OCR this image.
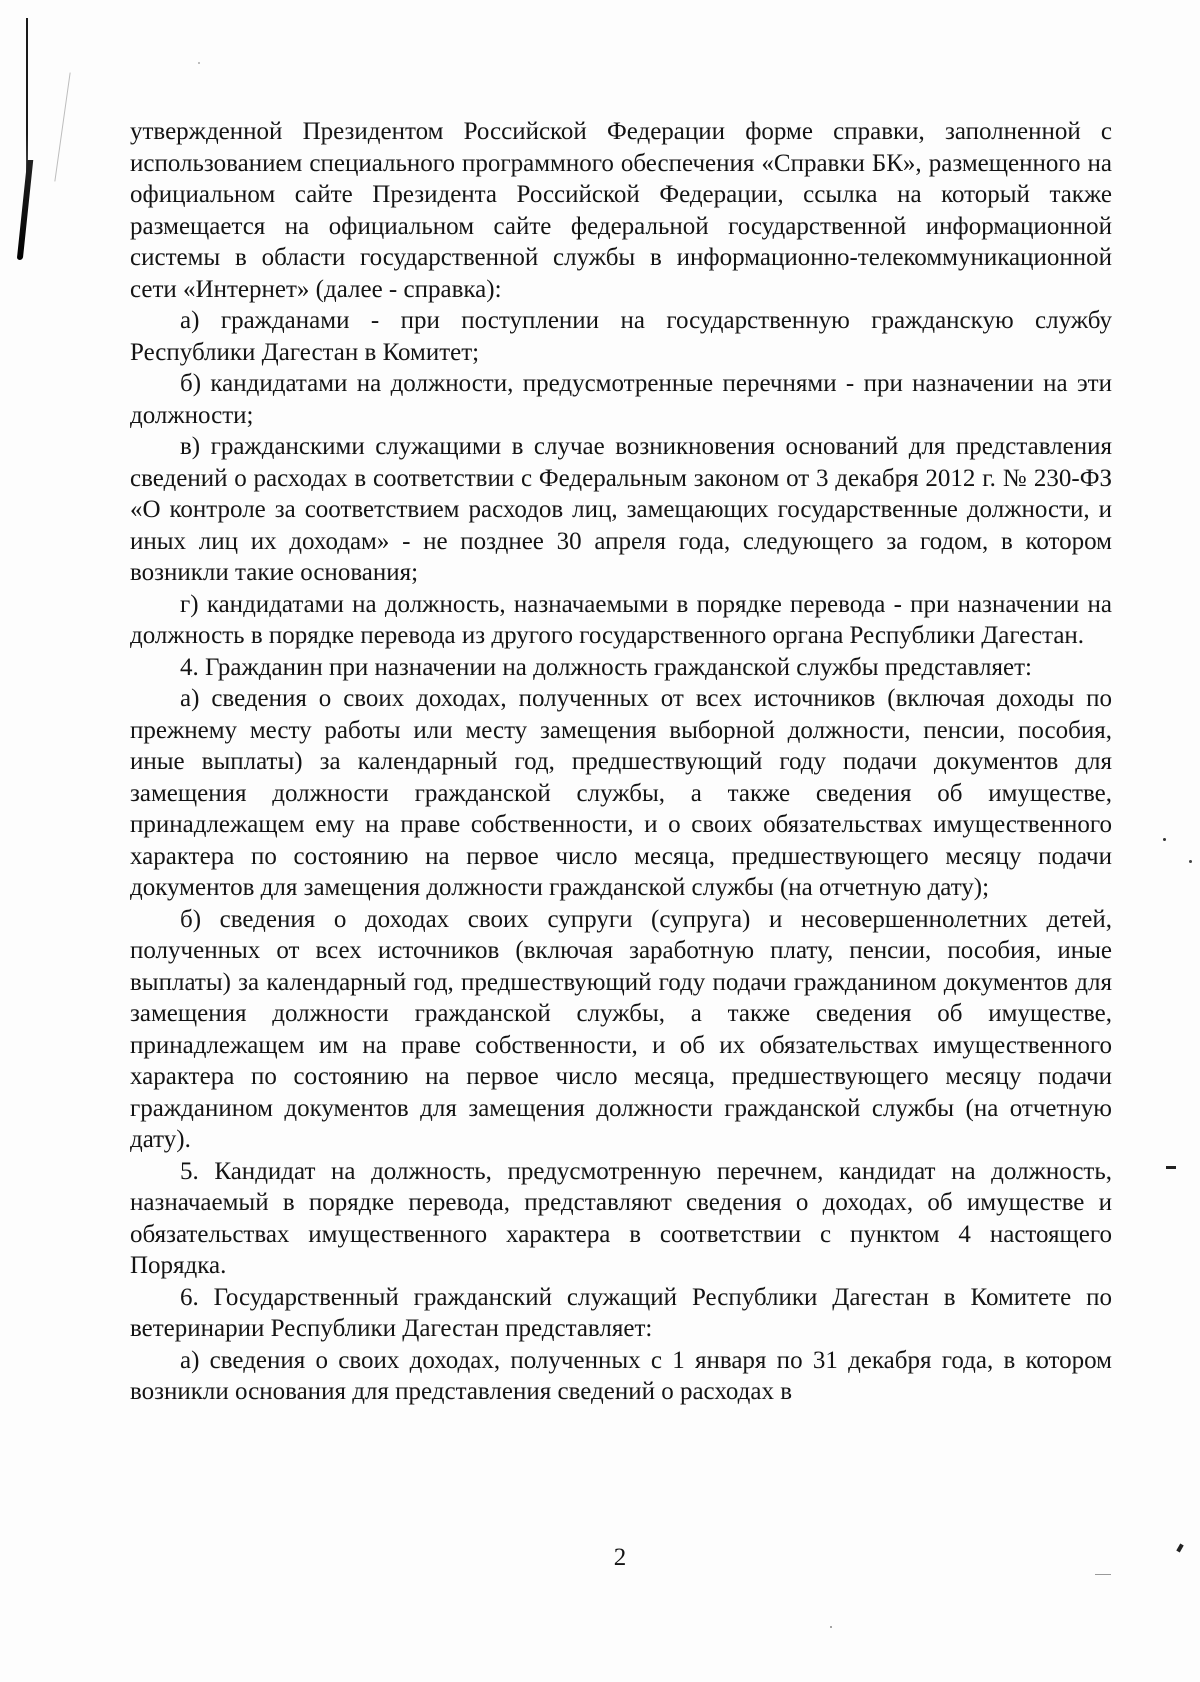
утвержденной Президентом Российской Федерации форме справки, заполненной с использованием специального программного обеспечения «Справки БК», размещенного на официальном сайте Президента Российской Федерации, ссылка на который также размещается на официальном сайте федеральной государственной информационной системы в области государственной службы в информационно-телекоммуникационной сети «Интернет» (далее - справка):

а) гражданами - при поступлении на государственную гражданскую службу Республики Дагестан в Комитет;

б) кандидатами на должности, предусмотренные перечнями - при назначении на эти должности;

в) гражданскими служащими в случае возникновения оснований для представления сведений о расходах в соответствии с Федеральным законом от 3 декабря 2012 г. № 230-ФЗ «О контроле за соответствием расходов лиц, замещающих государственные должности, и иных лиц их доходам» - не позднее 30 апреля года, следующего за годом, в котором возникли такие основания;

г) кандидатами на должность, назначаемыми в порядке перевода - при назначении на должность в порядке перевода из другого государственного органа Республики Дагестан.

4. Гражданин при назначении на должность гражданской службы представляет:

а) сведения о своих доходах, полученных от всех источников (включая доходы по прежнему месту работы или месту замещения выборной должности, пенсии, пособия, иные выплаты) за календарный год, предшествующий году подачи документов для замещения должности гражданской службы, а также сведения об имуществе, принадлежащем ему на праве собственности, и о своих обязательствах имущественного характера по состоянию на первое число месяца, предшествующего месяцу подачи документов для замещения должности гражданской службы (на отчетную дату);

б) сведения о доходах своих супруги (супруга) и несовершеннолетних детей, полученных от всех источников (включая заработную плату, пенсии, пособия, иные выплаты) за календарный год, предшествующий году подачи гражданином документов для замещения должности гражданской службы, а также сведения об имуществе, принадлежащем им на праве собственности, и об их обязательствах имущественного характера по состоянию на первое число месяца, предшествующего месяцу подачи гражданином документов для замещения должности гражданской службы (на отчетную дату).

5. Кандидат на должность, предусмотренную перечнем, кандидат на должность, назначаемый в порядке перевода, представляют сведения о доходах, об имуществе и обязательствах имущественного характера в соответствии с пунктом 4 настоящего Порядка.

6. Государственный гражданский служащий Республики Дагестан в Комитете по ветеринарии Республики Дагестан представляет:

а) сведения о своих доходах, полученных с 1 января по 31 декабря года, в котором возникли основания для представления сведений о расходах в

2
